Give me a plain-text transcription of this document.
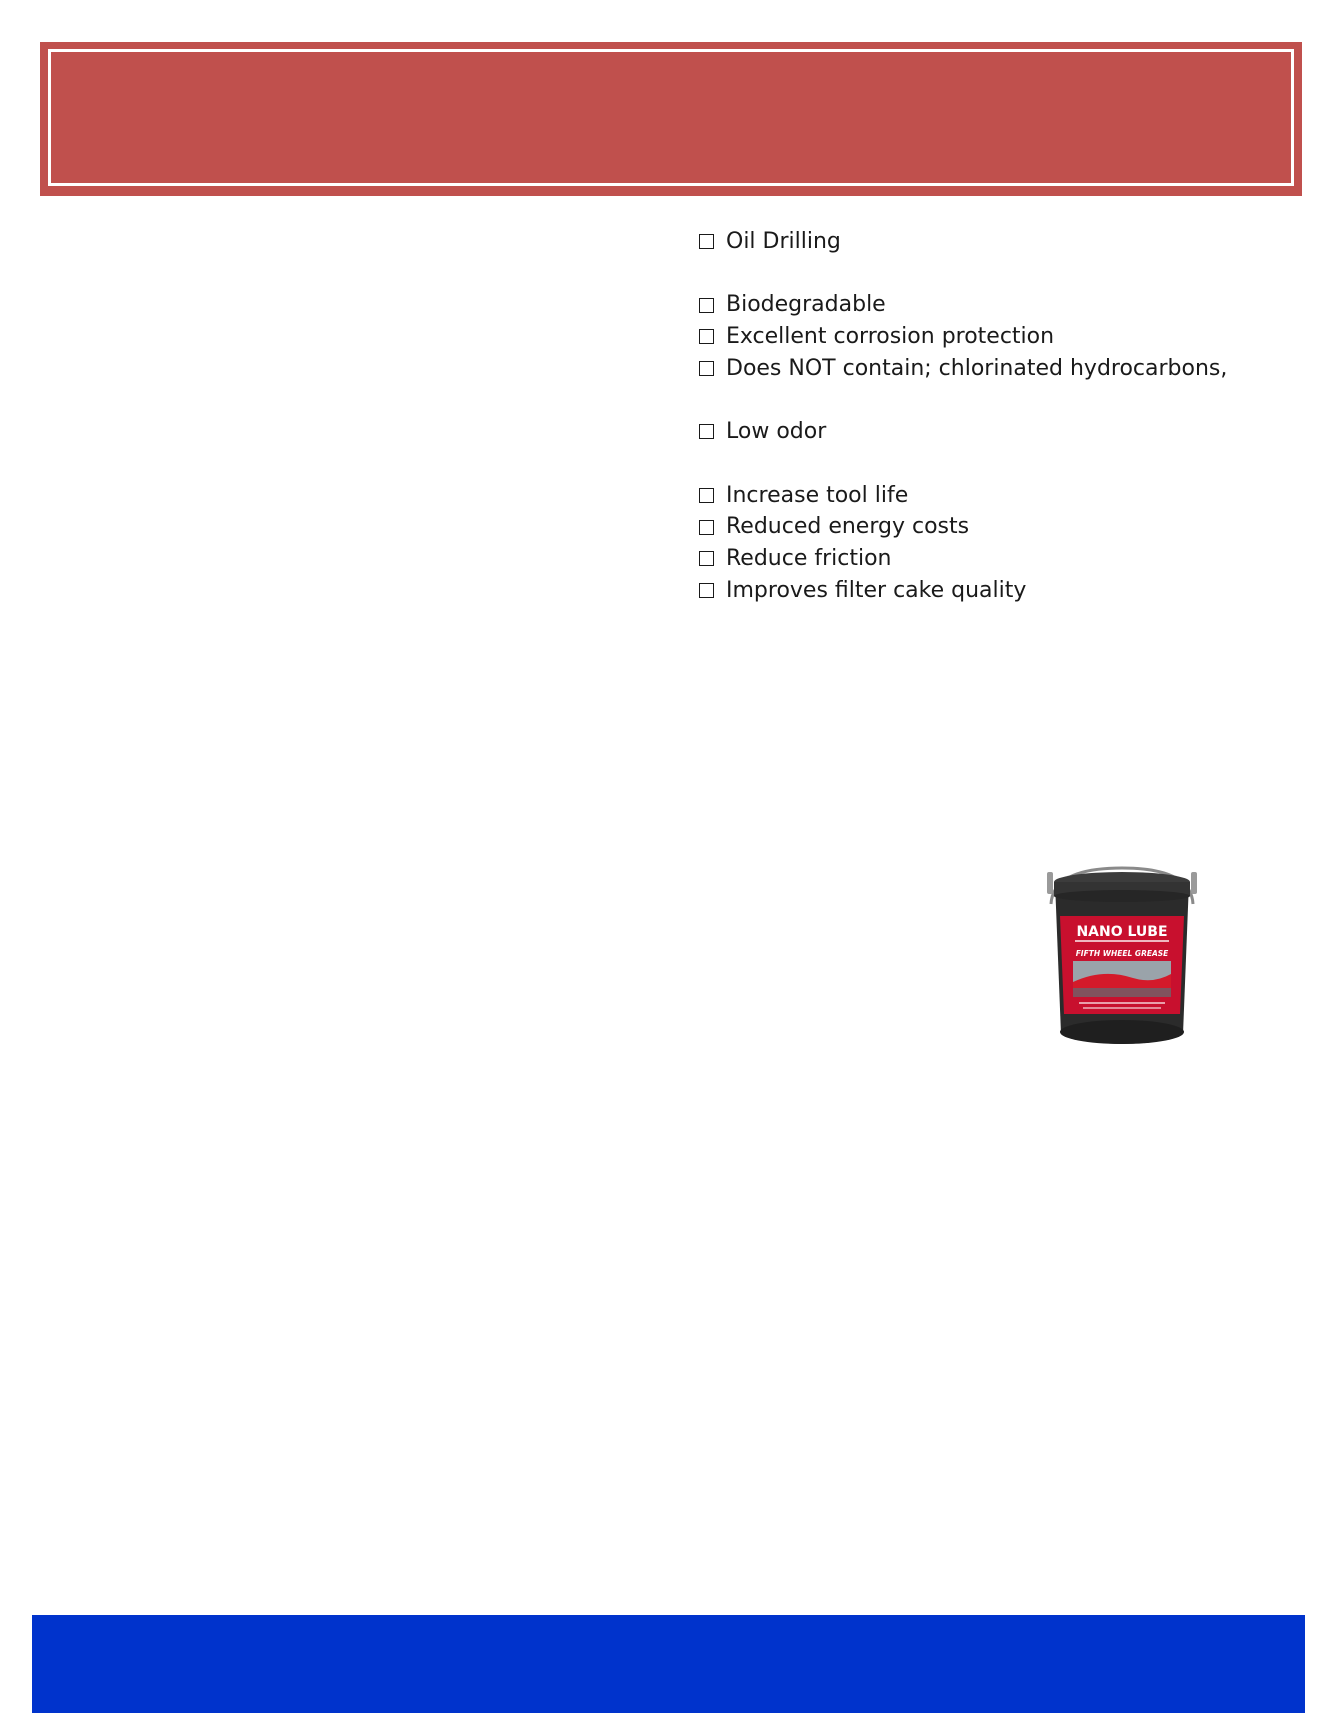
Oil Drilling
Biodegradable
Excellent corrosion protection
Does NOT contain; chlorinated hydrocarbons,
Low odor
Increase tool life
Reduced energy costs
Reduce friction
Improves filter cake quality
NANO LUBE
FIFTH WHEEL GREASE
